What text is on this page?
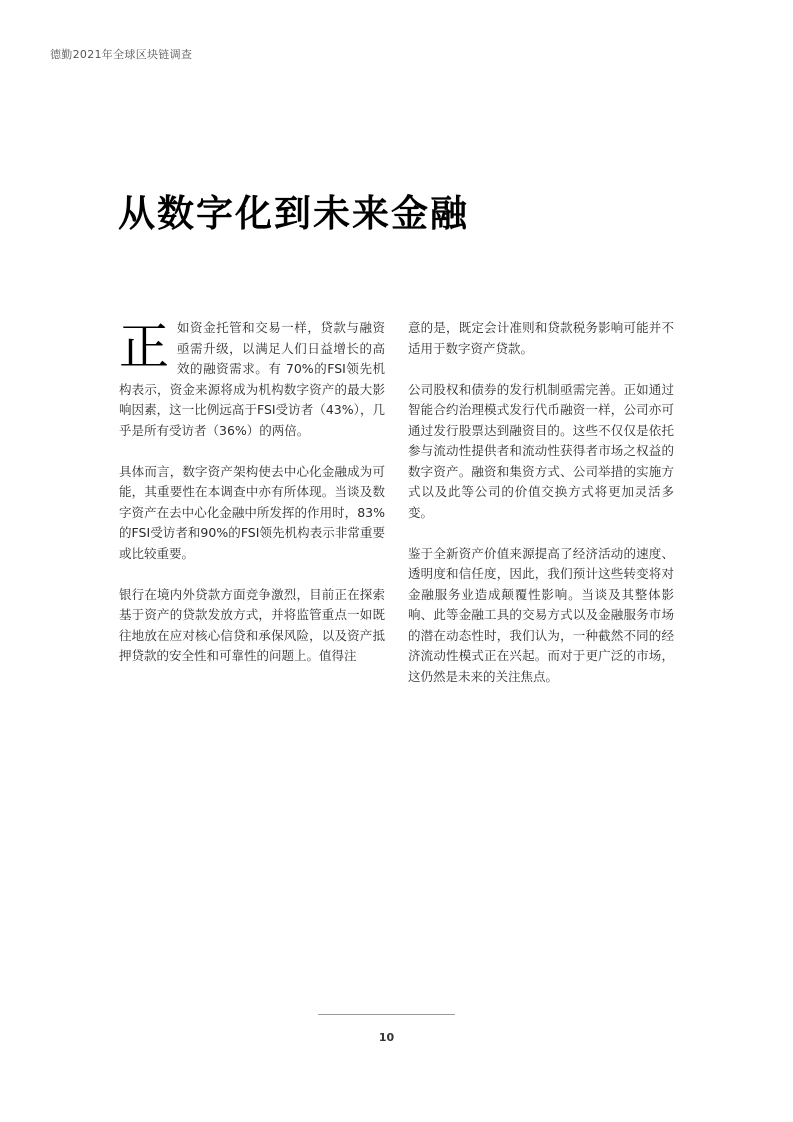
德勤2021年全球区块链调查
从数字化到未来金融

正如资金托管和交易一样，贷款与融资亟需升级，以满足人们日益增长的高效的融资需求。有 70%的FSI领先机构表示，资金来源将成为机构数字资产的最大影响因素，这一比例远高于FSI受访者（43%），几乎是所有受访者（36%）的两倍。

具体而言，数字资产架构使去中心化金融成为可能，其重要性在本调查中亦有所体现。当谈及数字资产在去中心化金融中所发挥的作用时，83%的FSI受访者和90%的FSI领先机构表示非常重要或比较重要。

银行在境内外贷款方面竞争激烈，目前正在探索基于资产的贷款发放方式，并将监管重点一如既往地放在应对核心信贷和承保风险，以及资产抵押贷款的安全性和可靠性的问题上。值得注

意的是，既定会计准则和贷款税务影响可能并不适用于数字资产贷款。

公司股权和债券的发行机制亟需完善。正如通过智能合约治理模式发行代币融资一样，公司亦可通过发行股票达到融资目的。这些不仅仅是依托参与流动性提供者和流动性获得者市场之权益的数字资产。融资和集资方式、公司举措的实施方式以及此等公司的价值交换方式将更加灵活多变。

鉴于全新资产价值来源提高了经济活动的速度、透明度和信任度，因此，我们预计这些转变将对金融服务业造成颠覆性影响。当谈及其整体影响、此等金融工具的交易方式以及金融服务市场的潜在动态性时，我们认为，一种截然不同的经济流动性模式正在兴起。而对于更广泛的市场，这仍然是未来的关注焦点。

10
